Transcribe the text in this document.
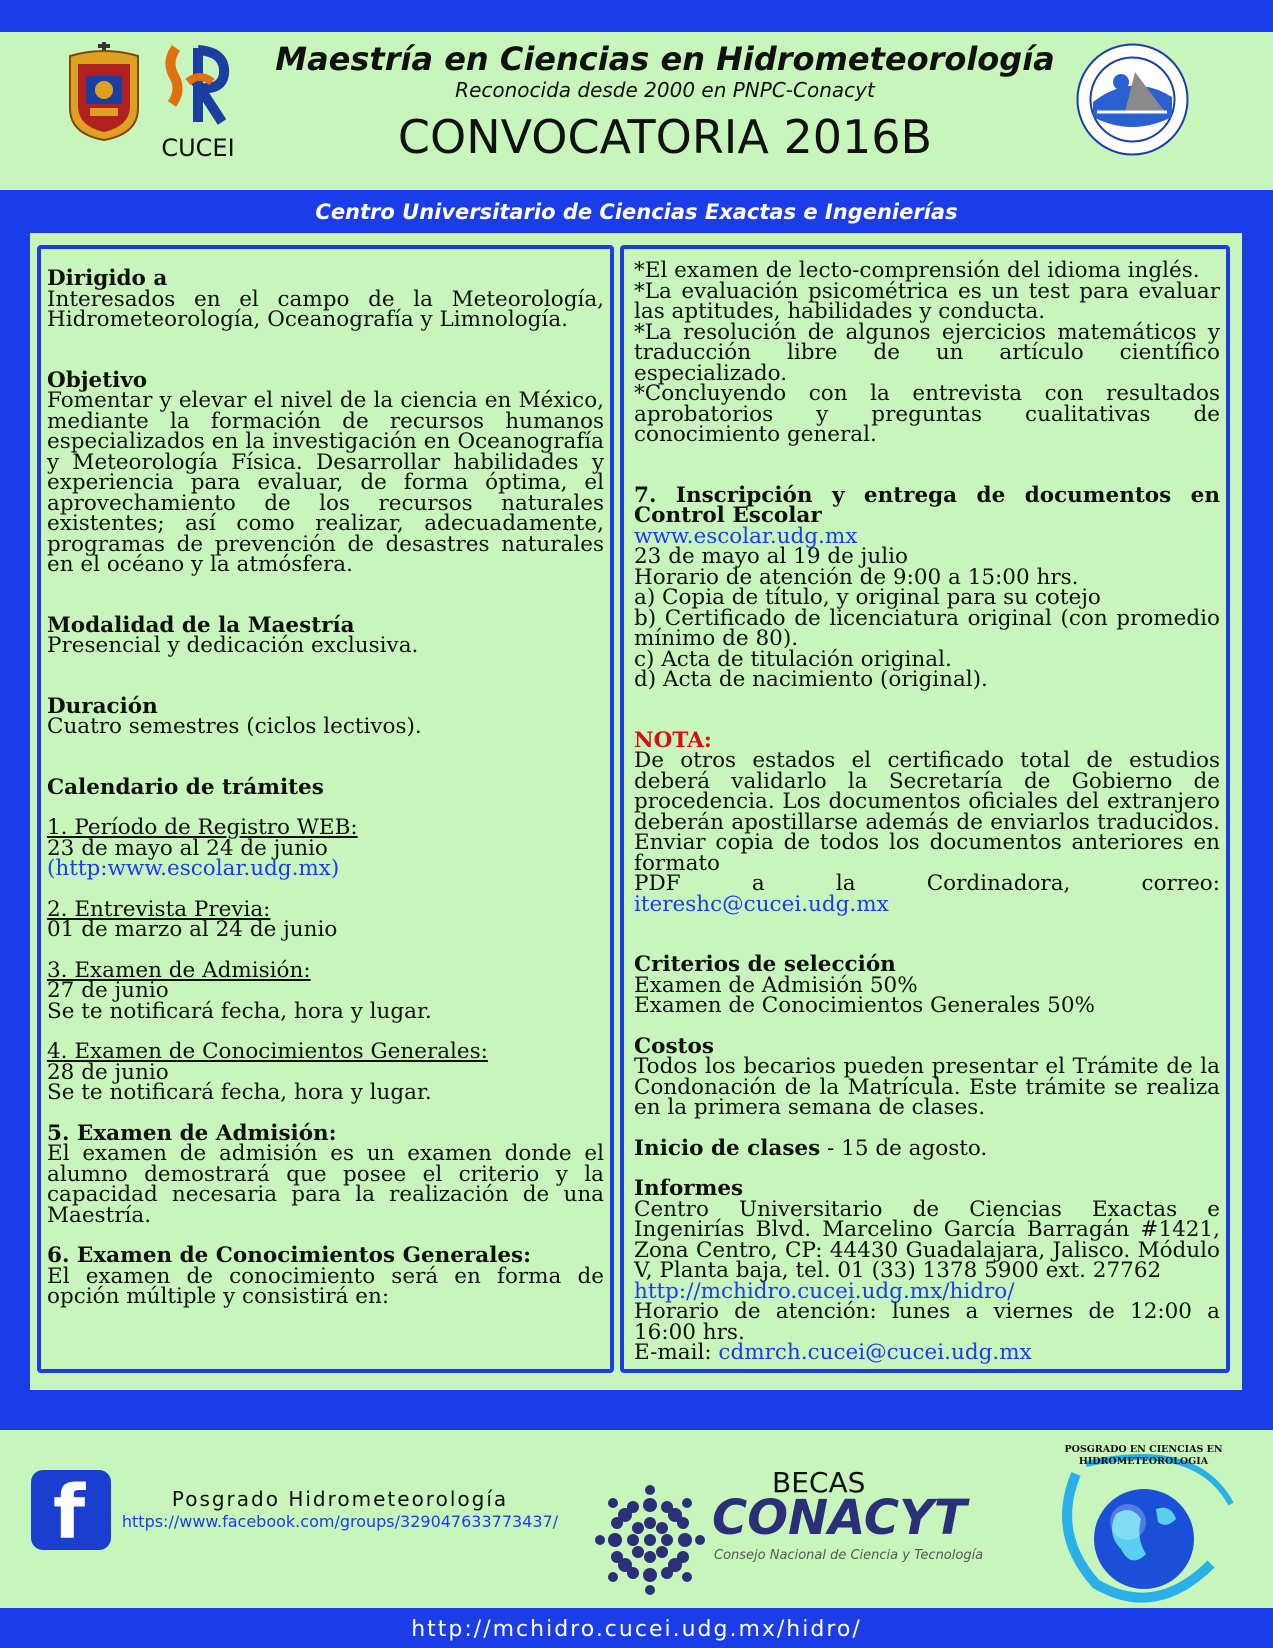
CUCEI
Maestría en Ciencias en Hidrometeorología
Reconocida desde 2000 en PNPC-Conacyt
CONVOCATORIA 2016B
Centro Universitario de Ciencias Exactas e Ingenierías

Dirigido a

Interesados en el campo de la Meteorología, Hidrometeorología, Oceanografía y Limnología.

Objetivo

Fomentar y elevar el nivel de la ciencia en México, mediante la formación de recursos humanos especializados en la investigación en Oceanografía y Meteorología Física. Desarrollar habilidades y experiencia para evaluar, de forma óptima, el aprovechamiento de los recursos naturales existentes; así como realizar, adecuadamente, programas de prevención de desastres naturales en el océano y la atmósfera.

Modalidad de la Maestría

Presencial y dedicación exclusiva.

Duración

Cuatro semestres (ciclos lectivos).

Calendario de trámites

1. Período de Registro WEB:

23 de mayo al 24 de junio

(http:www.escolar.udg.mx)

2. Entrevista Previa:

01 de marzo al 24 de junio

3. Examen de Admisión:

27 de junio

Se te notificará fecha, hora y lugar.

4. Examen de Conocimientos Generales:

28 de junio

Se te notificará fecha, hora y lugar.

5. Examen de Admisión:

El examen de admisión es un examen donde el alumno demostrará que posee el criterio y la capacidad necesaria para la realización de una Maestría.

6. Examen de Conocimientos Generales:

El examen de conocimiento será en forma de opción múltiple y consistirá en:

*El examen de lecto-comprensión del idioma inglés.

*La evaluación psicométrica es un test para evaluar las aptitudes, habilidades y conducta.

*La resolución de algunos ejercicios matemáticos y traducción libre de un artículo científico especializado.

*Concluyendo con la entrevista con resultados aprobatorios y preguntas cualitativas de conocimiento general.

7. Inscripción y entrega de documentos en Control Escolar

www.escolar.udg.mx

23 de mayo al 19 de julio

Horario de atención de 9:00 a 15:00 hrs.

a) Copia de título, y original para su cotejo

b) Certificado de licenciatura original (con promedio mínimo de 80).

c) Acta de titulación original.

d) Acta de nacimiento (original).

NOTA:

De otros estados el certificado total de estudios deberá validarlo la Secretaría de Gobierno de procedencia. Los documentos oficiales del extranjero deberán apostillarse además de enviarlos traducidos. Enviar copia de todos los documentos anteriores en formato

PDF a la Cordinadora, correo: itereshc@cucei.udg.mx

Criterios de selección

Examen de Admisión 50%

Examen de Conocimientos Generales 50%

Costos

Todos los becarios pueden presentar el Trámite de la Condonación de la Matrícula. Este trámite se realiza en la primera semana de clases.

Inicio de clases - 15 de agosto.

Informes

Centro Universitario de Ciencias Exactas e Ingenirías Blvd. Marcelino García Barragán #1421, Zona Centro, CP: 44430 Guadalajara, Jalisco. Módulo V, Planta baja, tel. 01 (33) 1378 5900 ext. 27762

http://mchidro.cucei.udg.mx/hidro/

Horario de atención: lunes a viernes de 12:00 a 16:00 hrs.

E-mail: cdmrch.cucei@cucei.udg.mx

f	Posgrado Hidrometeorología
https://www.facebook.com/groups/329047633773437/
BECAS
CONACYT
Consejo Nacional de Ciencia y Tecnología
POSGRADO EN CIENCIAS EN HIDROMETEOROLOGIA
http://mchidro.cucei.udg.mx/hidro/
